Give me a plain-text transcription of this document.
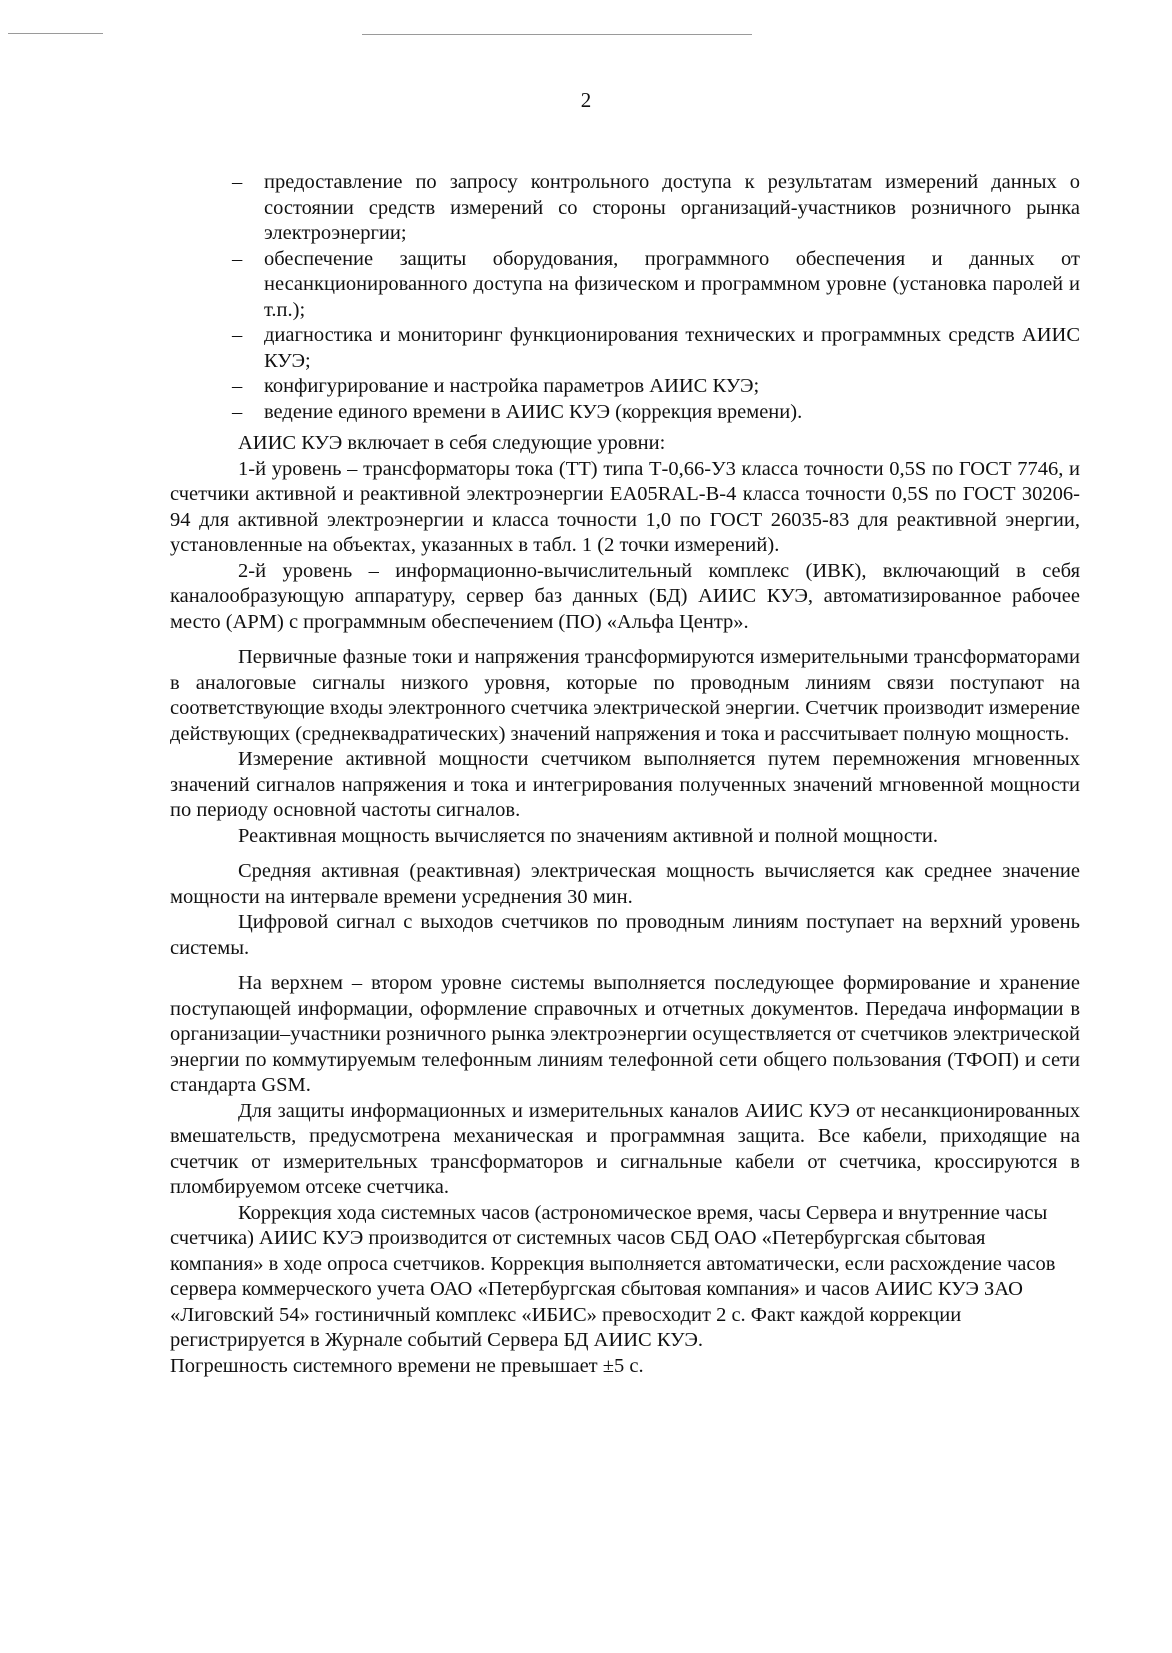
2
– предоставление по запросу контрольного доступа к результатам измерений данных о состоянии средств измерений со стороны организаций-участников розничного рынка электроэнергии;
– обеспечение защиты оборудования, программного обеспечения и данных от несанкционированного доступа на физическом и программном уровне (установка паролей и т.п.);
– диагностика и мониторинг функционирования технических и программных средств АИИС КУЭ;
– конфигурирование и настройка параметров АИИС КУЭ;
– ведение единого времени в АИИС КУЭ (коррекция времени).

АИИС КУЭ включает в себя следующие уровни:

1-й уровень – трансформаторы тока (ТТ) типа Т-0,66-У3 класса точности 0,5S по ГОСТ 7746, и счетчики активной и реактивной электроэнергии ЕА05RAL-B-4 класса точности 0,5S по ГОСТ 30206-94 для активной электроэнергии и класса точности 1,0 по ГОСТ 26035-83 для реактивной энергии, установленные на объектах, указанных в табл. 1 (2 точки измерений).

2-й уровень – информационно-вычислительный комплекс (ИВК), включающий в себя каналообразующую аппаратуру, сервер баз данных (БД) АИИС КУЭ, автоматизированное рабочее место (АРМ) с программным обеспечением (ПО) «Альфа Центр».

Первичные фазные токи и напряжения трансформируются измерительными трансформаторами в аналоговые сигналы низкого уровня, которые по проводным линиям связи поступают на соответствующие входы электронного счетчика электрической энергии. Счетчик производит измерение действующих (среднеквадратических) значений напряжения и тока и рассчитывает полную мощность.

Измерение активной мощности счетчиком выполняется путем перемножения мгновенных значений сигналов напряжения и тока и интегрирования полученных значений мгновенной мощности по периоду основной частоты сигналов.

Реактивная мощность вычисляется по значениям активной и полной мощности.

Средняя активная (реактивная) электрическая мощность вычисляется как среднее значение мощности на интервале времени усреднения 30 мин.

Цифровой сигнал с выходов счетчиков по проводным линиям поступает на верхний уровень системы.

На верхнем – втором уровне системы выполняется последующее формирование и хранение поступающей информации, оформление справочных и отчетных документов. Передача информации в организации–участники розничного рынка электроэнергии осуществляется от счетчиков электрической энергии по коммутируемым телефонным линиям телефонной сети общего пользования (ТФОП) и сети стандарта GSM.

Для защиты информационных и измерительных каналов АИИС КУЭ от несанкционированных вмешательств, предусмотрена механическая и программная защита. Все кабели, приходящие на счетчик от измерительных трансформаторов и сигнальные кабели от счетчика, кроссируются в пломбируемом отсеке счетчика.

Коррекция хода системных часов (астрономическое время, часы Сервера и внутренние часы счетчика) АИИС КУЭ производится от системных часов СБД ОАО «Петербургская сбытовая компания» в ходе опроса счетчиков. Коррекция выполняется автоматически, если расхождение часов сервера коммерческого учета ОАО «Петербургская сбытовая компания» и часов АИИС КУЭ ЗАО «Лиговский 54» гостиничный комплекс «ИБИС» превосходит 2 с. Факт каждой коррекции регистрируется в Журнале событий Сервера БД АИИС КУЭ.

Погрешность системного времени не превышает ±5 с.
